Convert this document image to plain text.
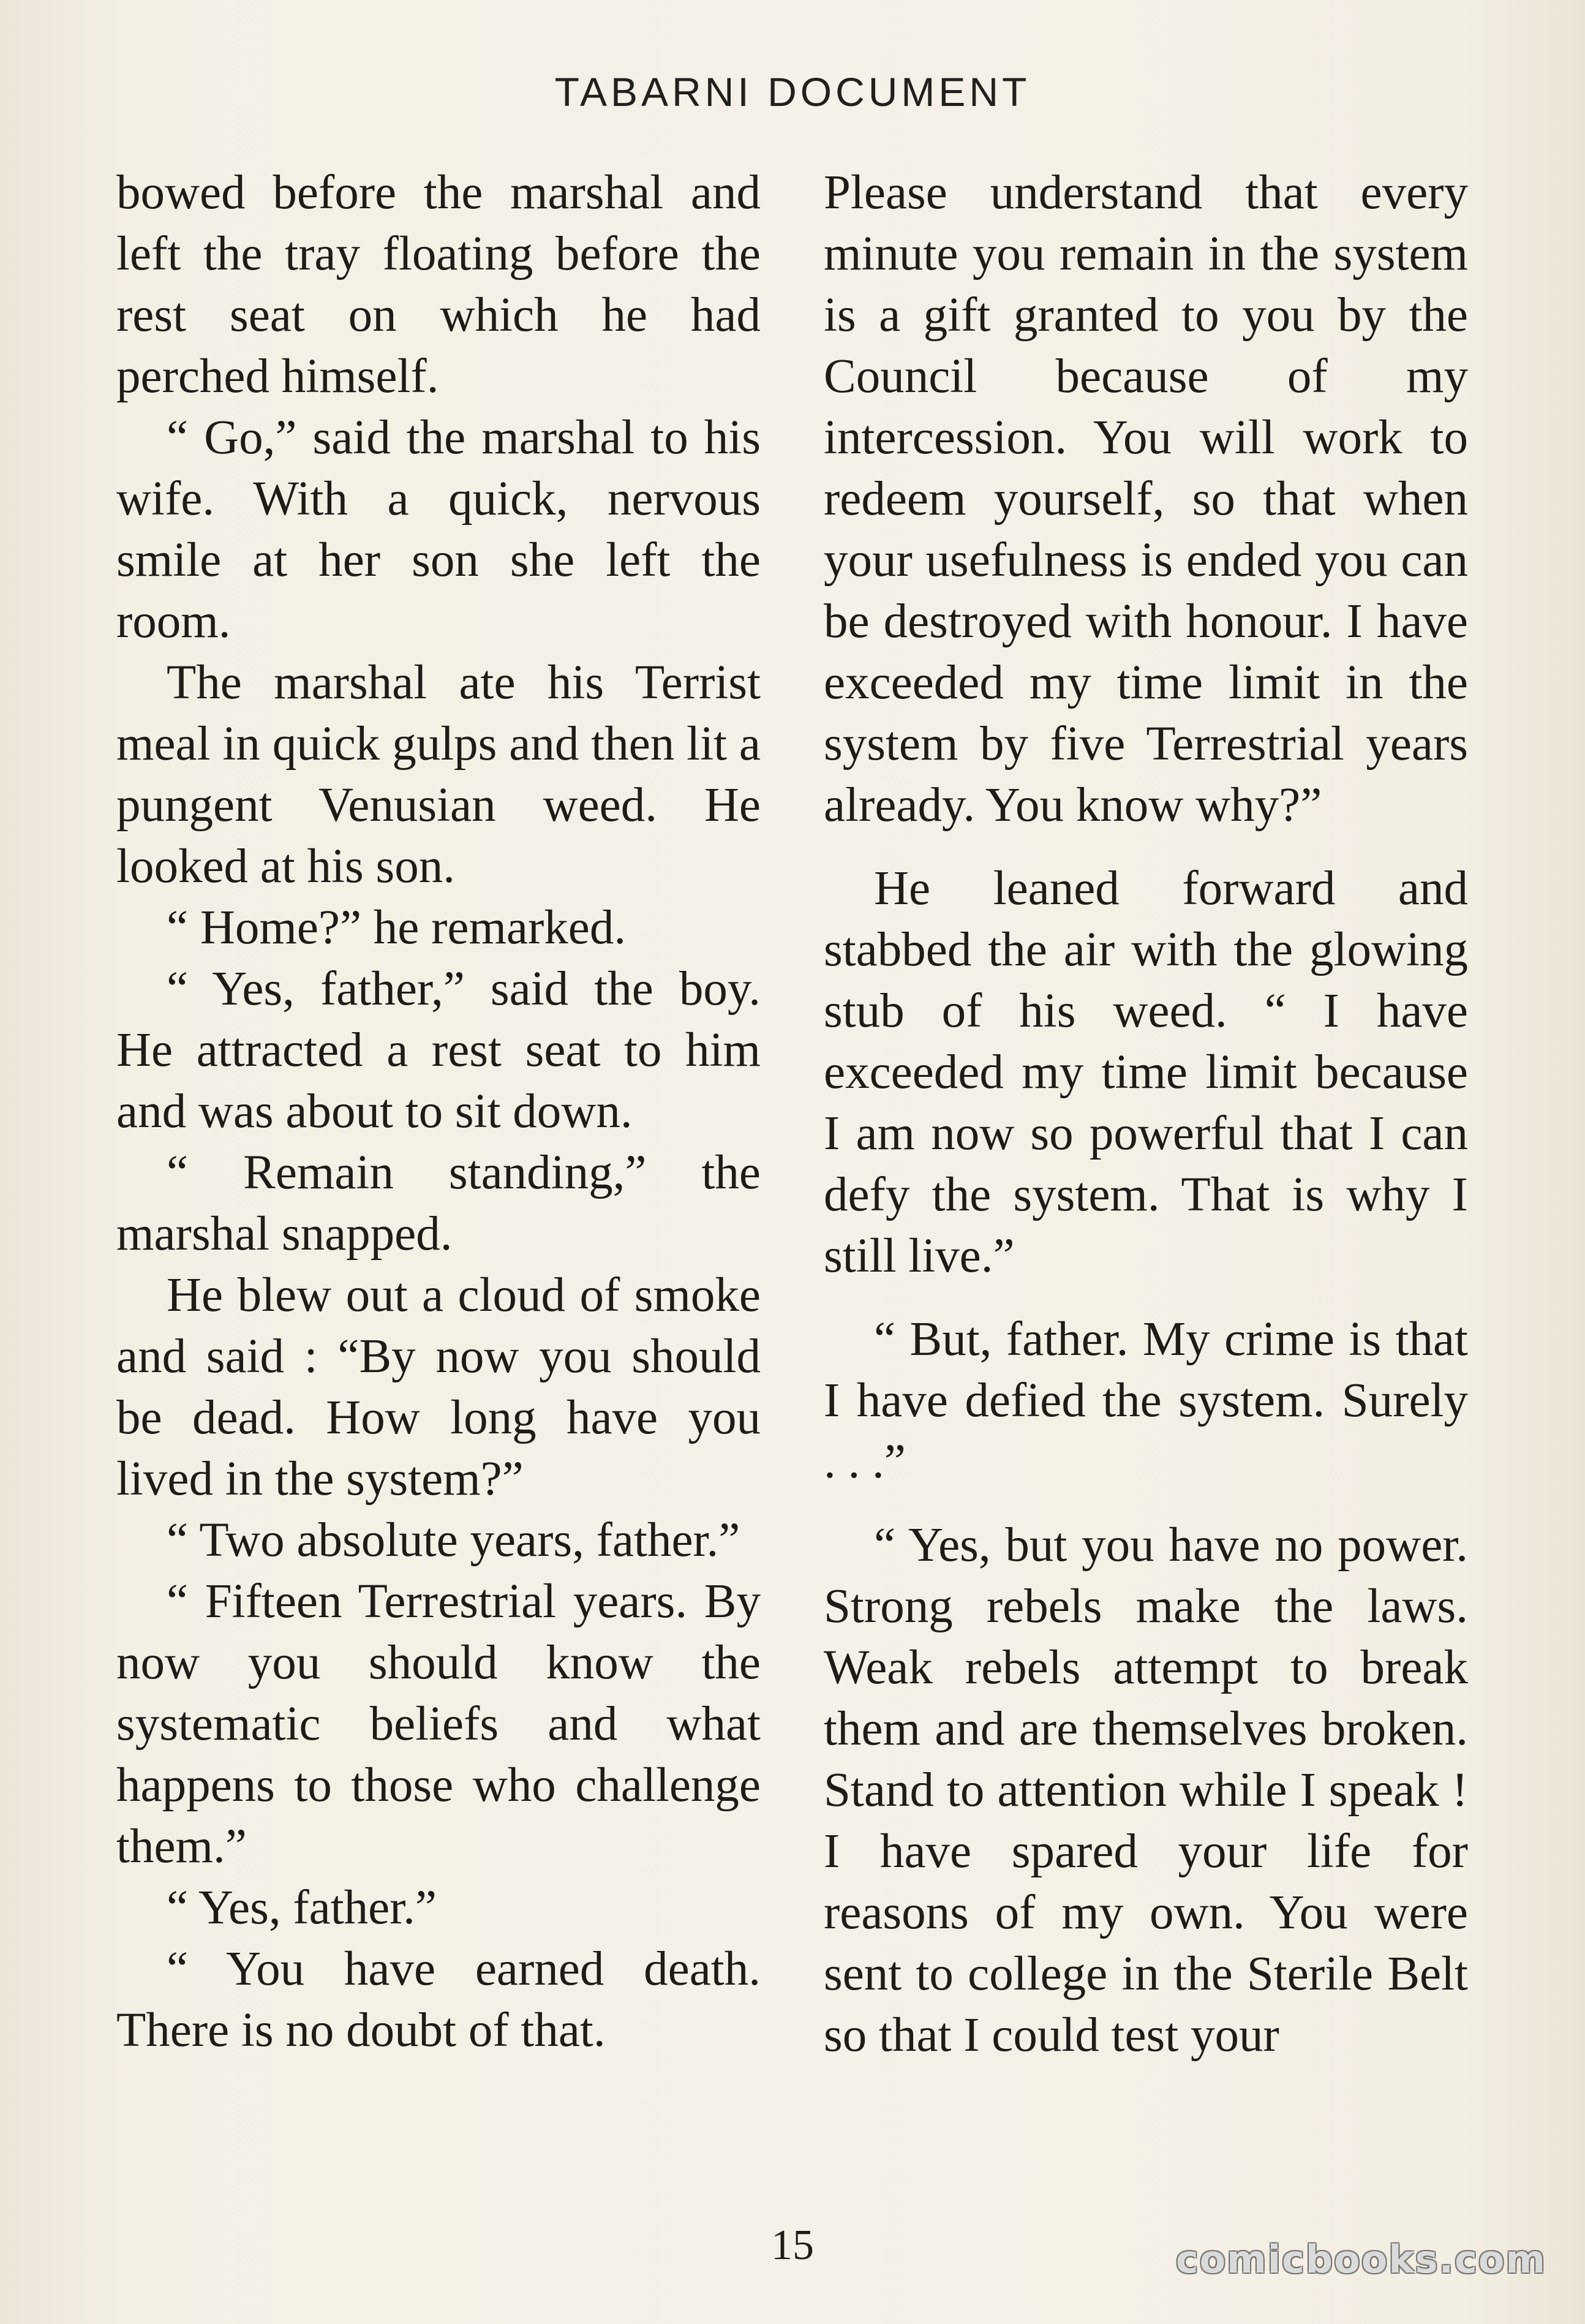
TABARNI DOCUMENT

bowed before the marshal and left the tray floating before the rest seat on which he had perched himself.

“ Go,” said the marshal to his wife. With a quick, nervous smile at her son she left the room.

The marshal ate his Terrist meal in quick gulps and then lit a pungent Venusian weed. He looked at his son.

“ Home?” he remarked.

“ Yes, father,” said the boy. He attracted a rest seat to him and was about to sit down.

“ Remain standing,” the marshal snapped.

He blew out a cloud of smoke and said : “By now you should be dead. How long have you lived in the system?”

“ Two absolute years, father.”

“ Fifteen Terrestrial years. By now you should know the systematic beliefs and what happens to those who challenge them.”

“ Yes, father.”

“ You have earned death. There is no doubt of that.

Please understand that every minute you remain in the system is a gift granted to you by the Council because of my intercession. You will work to redeem yourself, so that when your usefulness is ended you can be destroyed with honour. I have exceeded my time limit in the system by five Terrestrial years already. You know why?”

He leaned forward and stabbed the air with the glowing stub of his weed. “ I have exceeded my time limit because I am now so powerful that I can defy the system. That is why I still live.”

“ But, father. My crime is that I have defied the system. Surely . . .”

“ Yes, but you have no power. Strong rebels make the laws. Weak rebels attempt to break them and are themselves broken. Stand to attention while I speak ! I have spared your life for reasons of my own. You were sent to college in the Sterile Belt so that I could test your

15	comicbooks.com
